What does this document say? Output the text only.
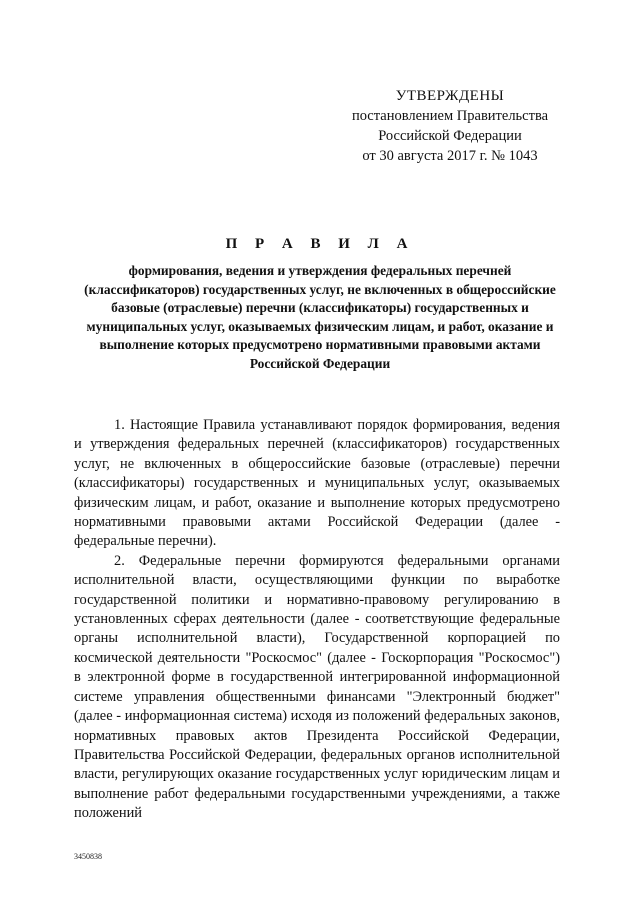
УТВЕРЖДЕНЫ
постановлением Правительства
Российской Федерации
от 30 августа 2017 г. № 1043
П Р А В И Л А
формирования, ведения и утверждения федеральных перечней (классификаторов) государственных услуг, не включенных в общероссийские базовые (отраслевые) перечни (классификаторы) государственных и муниципальных услуг, оказываемых физическим лицам, и работ, оказание и выполнение которых предусмотрено нормативными правовыми актами Российской Федерации

1. Настоящие Правила устанавливают порядок формирования, ведения и утверждения федеральных перечней (классификаторов) государственных услуг, не включенных в общероссийские базовые (отраслевые) перечни (классификаторы) государственных и муниципальных услуг, оказываемых физическим лицам, и работ, оказание и выполнение которых предусмотрено нормативными правовыми актами Российской Федерации (далее - федеральные перечни).

2. Федеральные перечни формируются федеральными органами исполнительной власти, осуществляющими функции по выработке государственной политики и нормативно-правовому регулированию в установленных сферах деятельности (далее - соответствующие федеральные органы исполнительной власти), Государственной корпорацией по космической деятельности "Роскосмос" (далее - Госкорпорация "Роскосмос") в электронной форме в государственной интегрированной информационной системе управления общественными финансами "Электронный бюджет" (далее - информационная система) исходя из положений федеральных законов, нормативных правовых актов Президента Российской Федерации, Правительства Российской Федерации, федеральных органов исполнительной власти, регулирующих оказание государственных услуг юридическим лицам и выполнение работ федеральными государственными учреждениями, а также положений

3450838
